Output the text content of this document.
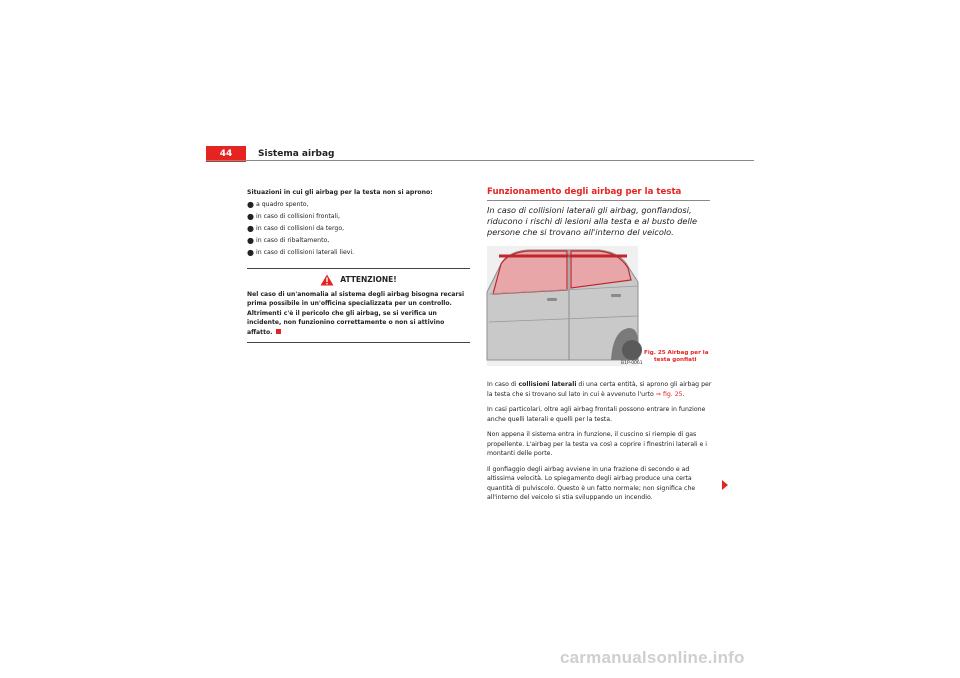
44	Sistema airbag

Situazioni in cui gli airbag per la testa non si aprono:

● a quadro spento,
● in caso di collisioni frontali,
● in caso di collisioni da tergo,
● in caso di ribaltamento,
● in caso di collisioni laterali lievi.
ATTENZIONE!
Nel caso di un'anomalia al sistema degli airbag bisogna recarsi prima possibile in un'officina specializzata per un controllo. Altrimenti c'è il pericolo che gli airbag, se si verifica un incidente, non funzionino correttamente o non si attivino affatto.
Funzionamento degli airbag per la testa
In caso di collisioni laterali gli airbag, gonfiandosi, riducono i rischi di lesioni alla testa e al busto delle persone che si trovano all'interno del veicolo.
B1P-0061
Fig. 25 Airbag per la
testa gonfiati

In caso di collisioni laterali di una certa entità, si aprono gli airbag per la testa che si trovano sul lato in cui è avvenuto l'urto ⇒ fig. 25.

In casi particolari, oltre agli airbag frontali possono entrare in funzione anche quelli laterali e quelli per la testa.

Non appena il sistema entra in funzione, il cuscino si riempie di gas propellente. L'airbag per la testa va così a coprire i finestrini laterali e i montanti delle porte.

Il gonfiaggio degli airbag avviene in una frazione di secondo e ad altissima velocità. Lo spiegamento degli airbag produce una certa quantità di pulviscolo. Questo è un fatto normale; non significa che all'interno del veicolo si stia sviluppando un incendio.

carmanualsonline.info
